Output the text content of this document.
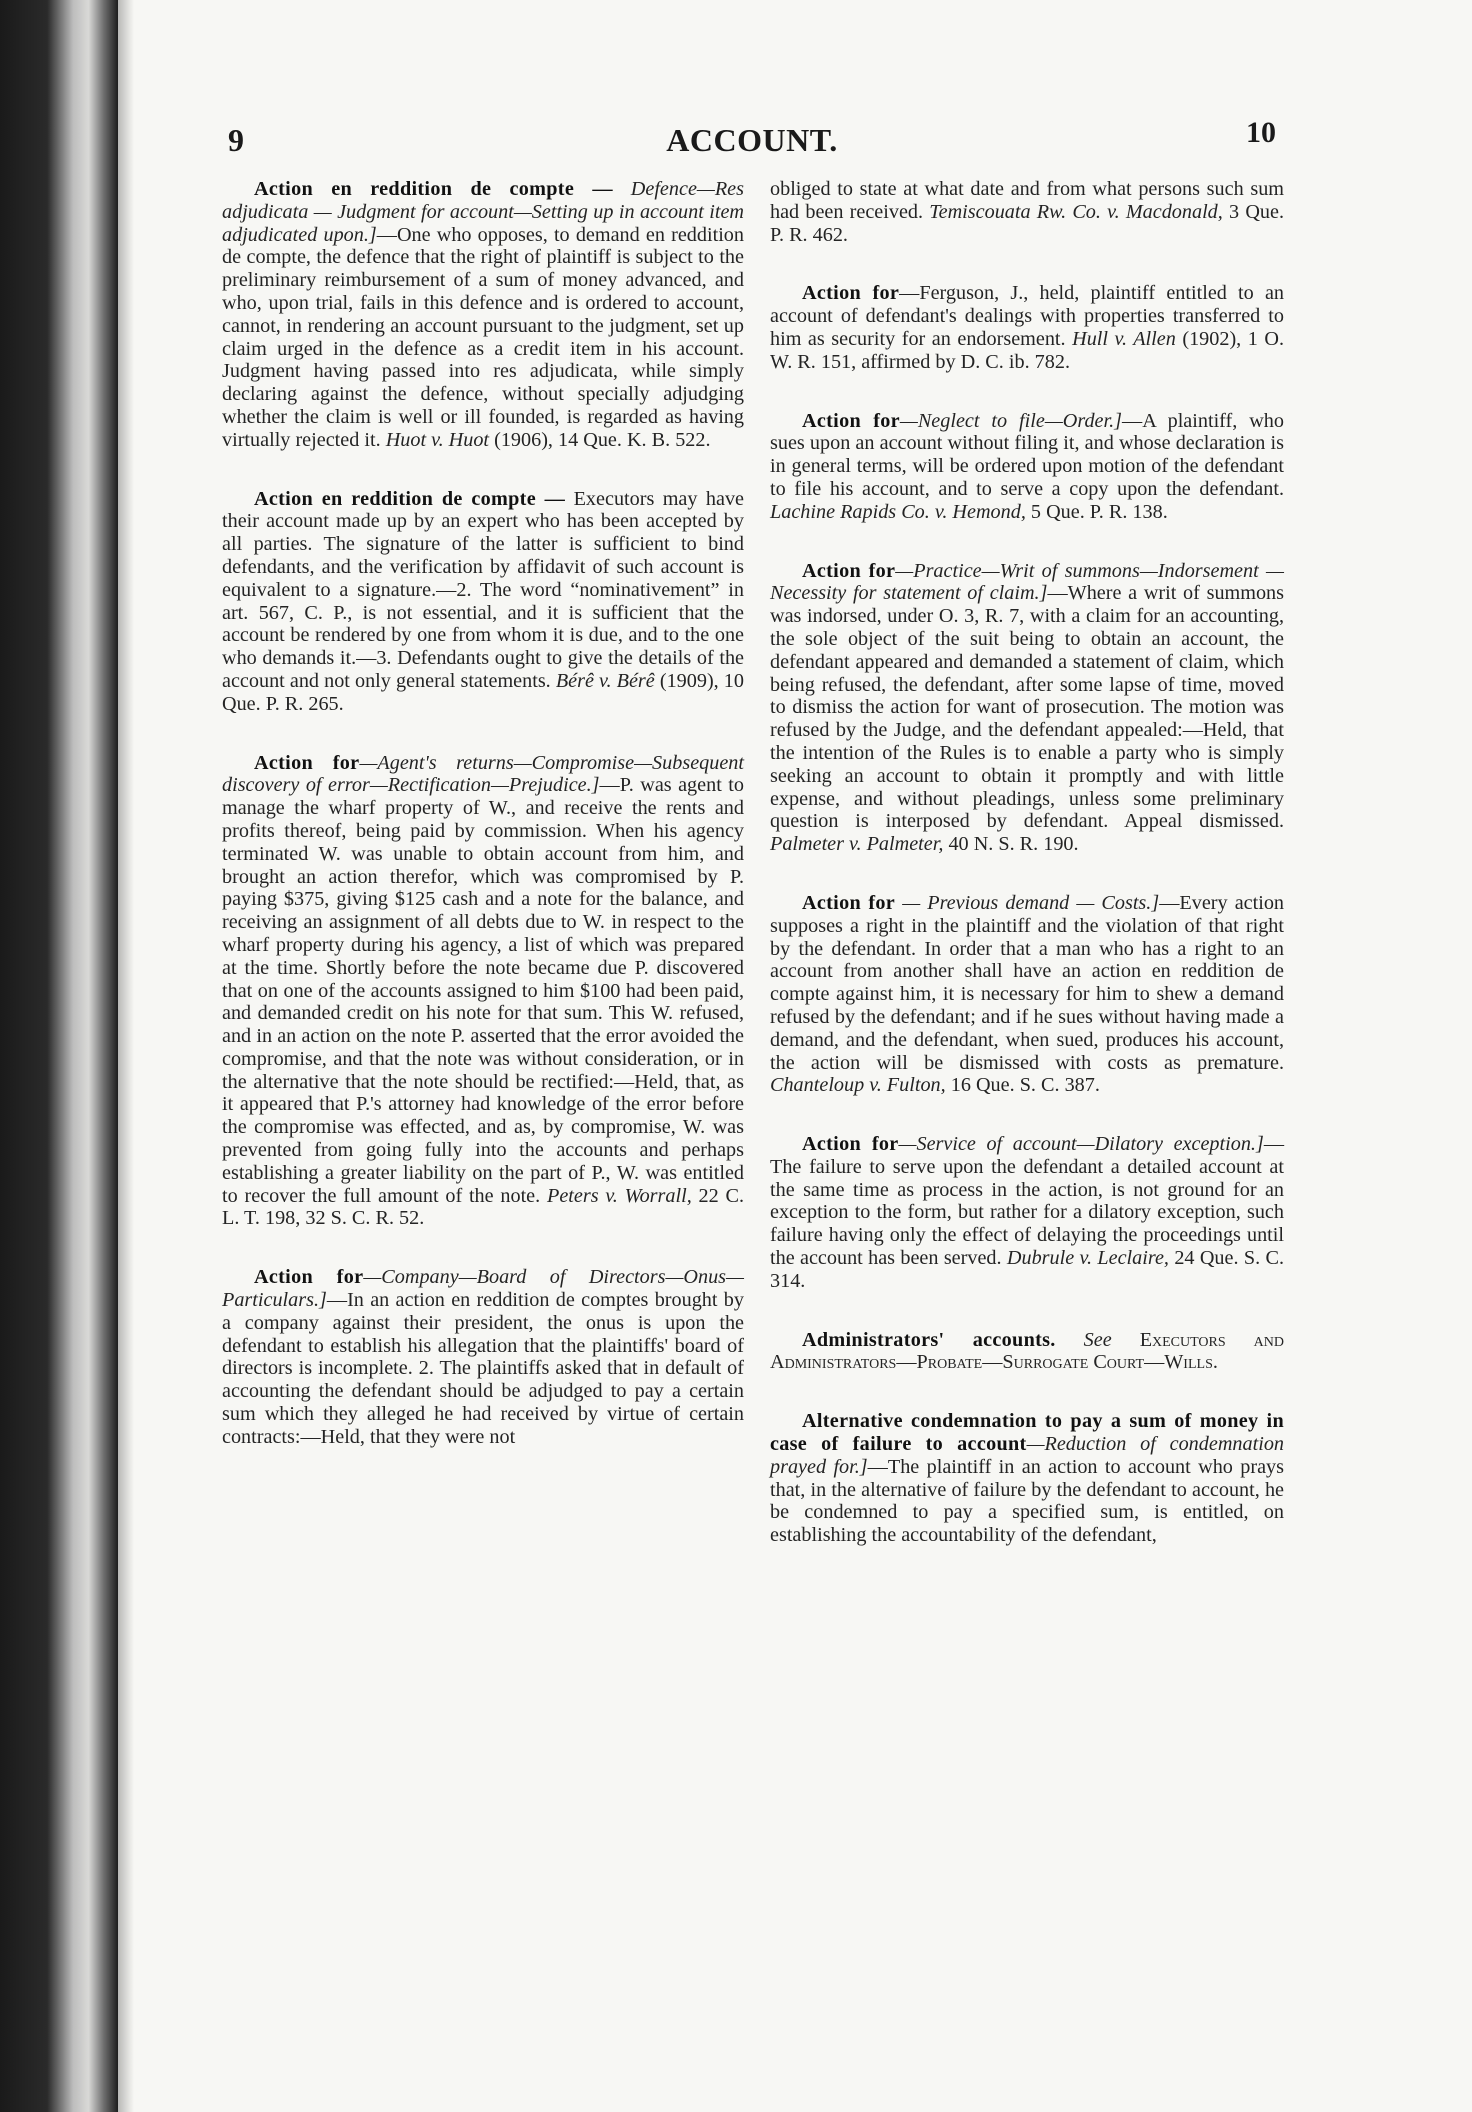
9	ACCOUNT.	10

Action en reddition de compte — Defence—Res adjudicata — Judgment for account—Setting up in account item adjudicated upon.]—One who opposes, to demand en reddition de compte, the defence that the right of plaintiff is subject to the preliminary reimbursement of a sum of money advanced, and who, upon trial, fails in this defence and is ordered to account, cannot, in rendering an account pursuant to the judgment, set up claim urged in the defence as a credit item in his account. Judgment having passed into res adjudicata, while simply declaring against the defence, without specially adjudging whether the claim is well or ill founded, is regarded as having virtually rejected it. Huot v. Huot (1906), 14 Que. K. B. 522.

Action en reddition de compte — Executors may have their account made up by an expert who has been accepted by all parties. The signature of the latter is sufficient to bind defendants, and the verification by affidavit of such account is equivalent to a signature.—2. The word “nominativement” in art. 567, C. P., is not essential, and it is sufficient that the account be rendered by one from whom it is due, and to the one who demands it.—3. Defendants ought to give the details of the account and not only general statements. Bérê v. Bérê (1909), 10 Que. P. R. 265.

Action for—Agent's returns—Compromise—Subsequent discovery of error—Rectification—Prejudice.]—P. was agent to manage the wharf property of W., and receive the rents and profits thereof, being paid by commission. When his agency terminated W. was unable to obtain account from him, and brought an action therefor, which was compromised by P. paying $375, giving $125 cash and a note for the balance, and receiving an assignment of all debts due to W. in respect to the wharf property during his agency, a list of which was prepared at the time. Shortly before the note became due P. discovered that on one of the accounts assigned to him $100 had been paid, and demanded credit on his note for that sum. This W. refused, and in an action on the note P. asserted that the error avoided the compromise, and that the note was without consideration, or in the alternative that the note should be rectified:—Held, that, as it appeared that P.'s attorney had knowledge of the error before the compromise was effected, and as, by compromise, W. was prevented from going fully into the accounts and perhaps establishing a greater liability on the part of P., W. was entitled to recover the full amount of the note. Peters v. Worrall, 22 C. L. T. 198, 32 S. C. R. 52.

Action for—Company—Board of Directors—Onus—Particulars.]—In an action en reddition de comptes brought by a company against their president, the onus is upon the defendant to establish his allegation that the plaintiffs' board of directors is incomplete. 2. The plaintiffs asked that in default of accounting the defendant should be adjudged to pay a certain sum which they alleged he had received by virtue of certain contracts:—Held, that they were not

obliged to state at what date and from what persons such sum had been received. Temiscouata Rw. Co. v. Macdonald, 3 Que. P. R. 462.

Action for—Ferguson, J., held, plaintiff entitled to an account of defendant's dealings with properties transferred to him as security for an endorsement. Hull v. Allen (1902), 1 O. W. R. 151, affirmed by D. C. ib. 782.

Action for—Neglect to file—Order.]—A plaintiff, who sues upon an account without filing it, and whose declaration is in general terms, will be ordered upon motion of the defendant to file his account, and to serve a copy upon the defendant. Lachine Rapids Co. v. Hemond, 5 Que. P. R. 138.

Action for—Practice—Writ of summons—Indorsement — Necessity for statement of claim.]—Where a writ of summons was indorsed, under O. 3, R. 7, with a claim for an accounting, the sole object of the suit being to obtain an account, the defendant appeared and demanded a statement of claim, which being refused, the defendant, after some lapse of time, moved to dismiss the action for want of prosecution. The motion was refused by the Judge, and the defendant appealed:—Held, that the intention of the Rules is to enable a party who is simply seeking an account to obtain it promptly and with little expense, and without pleadings, unless some preliminary question is interposed by defendant. Appeal dismissed. Palmeter v. Palmeter, 40 N. S. R. 190.

Action for — Previous demand — Costs.]—Every action supposes a right in the plaintiff and the violation of that right by the defendant. In order that a man who has a right to an account from another shall have an action en reddition de compte against him, it is necessary for him to shew a demand refused by the defendant; and if he sues without having made a demand, and the defendant, when sued, produces his account, the action will be dismissed with costs as premature. Chanteloup v. Fulton, 16 Que. S. C. 387.

Action for—Service of account—Dilatory exception.]—The failure to serve upon the defendant a detailed account at the same time as process in the action, is not ground for an exception to the form, but rather for a dilatory exception, such failure having only the effect of delaying the proceedings until the account has been served. Dubrule v. Leclaire, 24 Que. S. C. 314.

Administrators' accounts. See Executors and Administrators—Probate—Surrogate Court—Wills.

Alternative condemnation to pay a sum of money in case of failure to account—Reduction of condemnation prayed for.]—The plaintiff in an action to account who prays that, in the alternative of failure by the defendant to account, he be condemned to pay a specified sum, is entitled, on establishing the accountability of the defendant,
